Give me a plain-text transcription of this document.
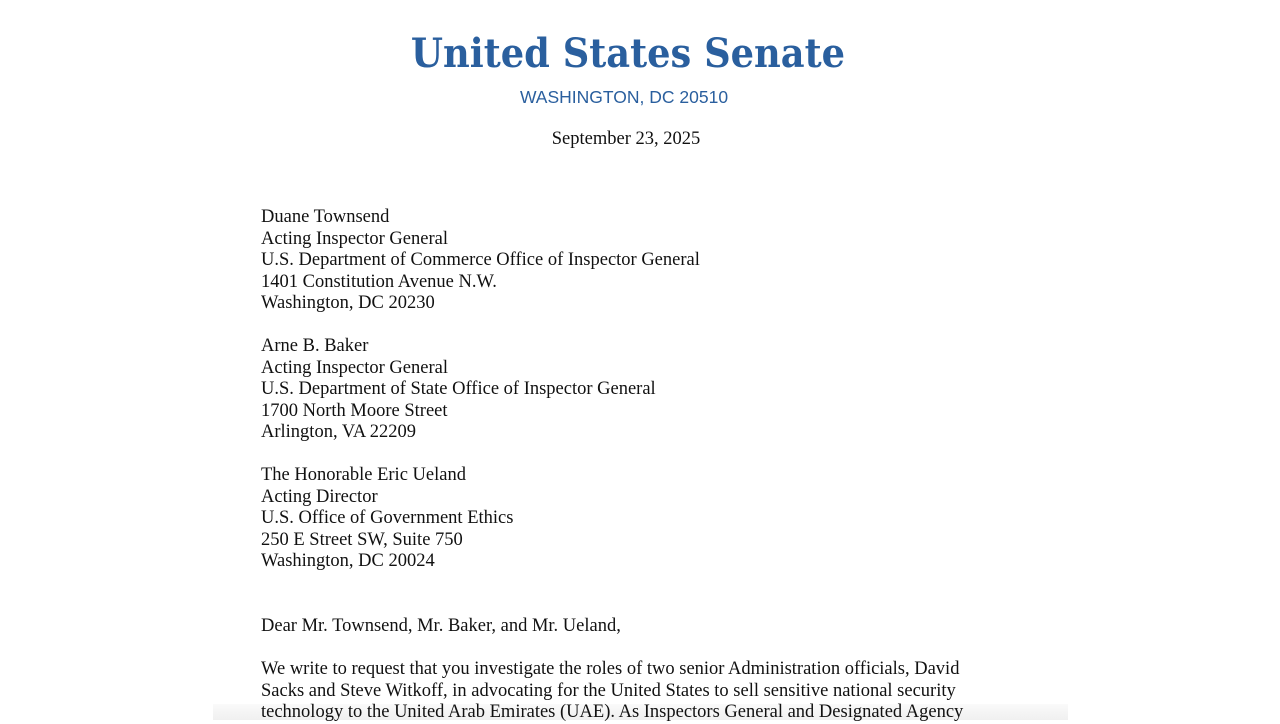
United States Senate
WASHINGTON, DC 20510
September 23, 2025
Duane Townsend
Acting Inspector General
U.S. Department of Commerce Office of Inspector General
1401 Constitution Avenue N.W.
Washington, DC 20230
Arne B. Baker
Acting Inspector General
U.S. Department of State Office of Inspector General
1700 North Moore Street
Arlington, VA 22209
The Honorable Eric Ueland
Acting Director
U.S. Office of Government Ethics
250 E Street SW, Suite 750
Washington, DC 20024
Dear Mr. Townsend, Mr. Baker, and Mr. Ueland,
We write to request that you investigate the roles of two senior Administration officials, David
Sacks and Steve Witkoff, in advocating for the United States to sell sensitive national security
technology to the United Arab Emirates (UAE). As Inspectors General and Designated Agency
